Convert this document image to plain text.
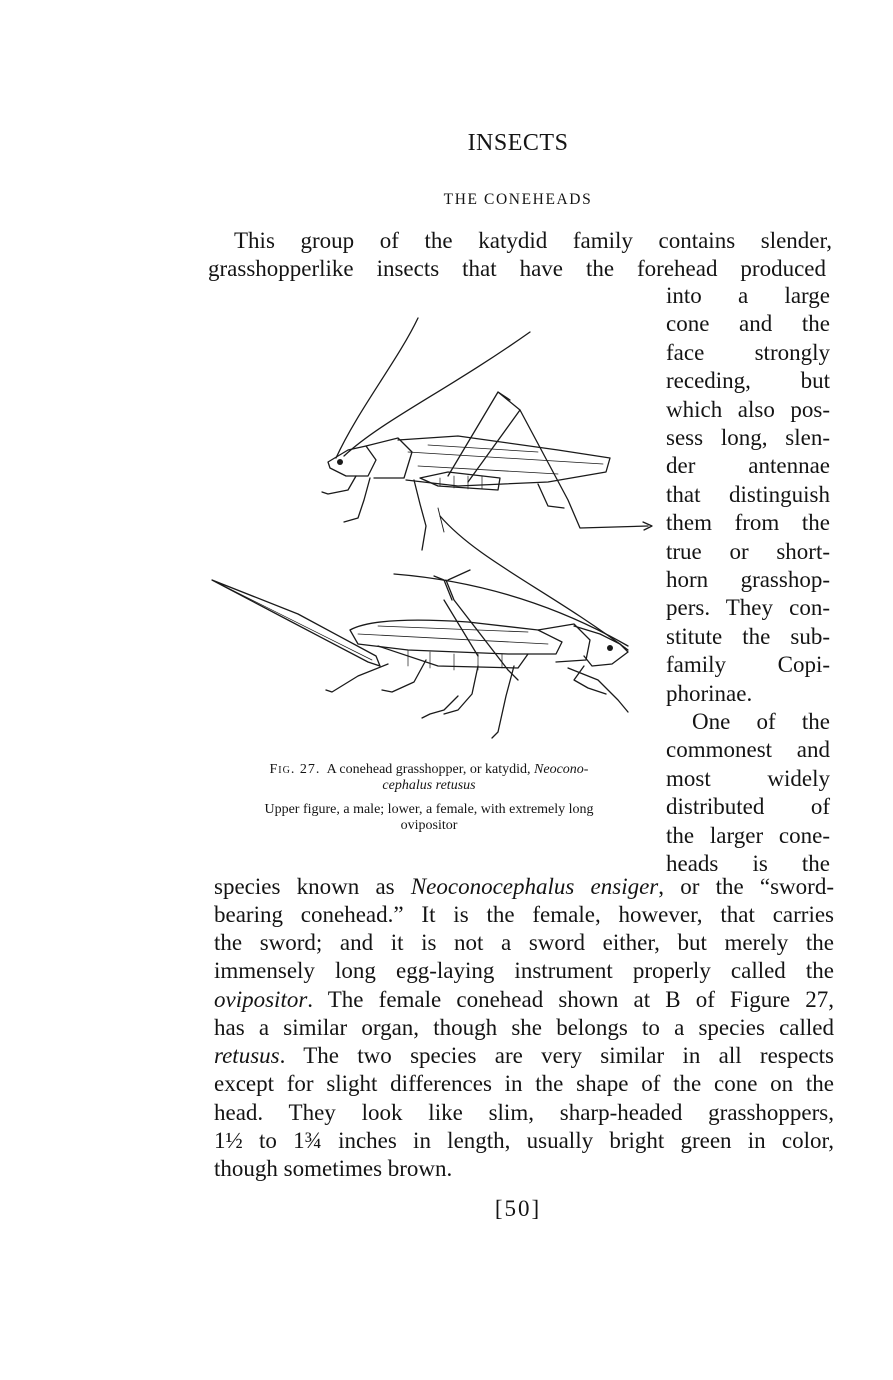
INSECTS
THE CONEHEADS
This group of the katydid family contains slender,
grasshopperlike insects that have the forehead produced
into a large
cone and the
face strongly
receding, but
which also pos-
sess long, slen-
der antennae
that distinguish
them from the
true or short-
horn grasshop-
pers. They con-
stitute the sub-
family Copi-
phorinae.
One of the
commonest and
most widely
distributed of
the larger cone-
heads is the
Fig. 27. A conehead grasshopper, or katydid, Neocono-
cephalus retusus
Upper figure, a male; lower, a female, with extremely long
ovipositor
species known as Neoconocephalus ensiger, or the “sword-
bearing conehead.” It is the female, however, that carries
the sword; and it is not a sword either, but merely the
immensely long egg-laying instrument properly called the
ovipositor. The female conehead shown at B of Figure 27,
has a similar organ, though she belongs to a species called
retusus. The two species are very similar in all respects
except for slight differences in the shape of the cone on the
head. They look like slim, sharp-headed grasshoppers,
1½ to 1¾ inches in length, usually bright green in color,
though sometimes brown.
[50]
